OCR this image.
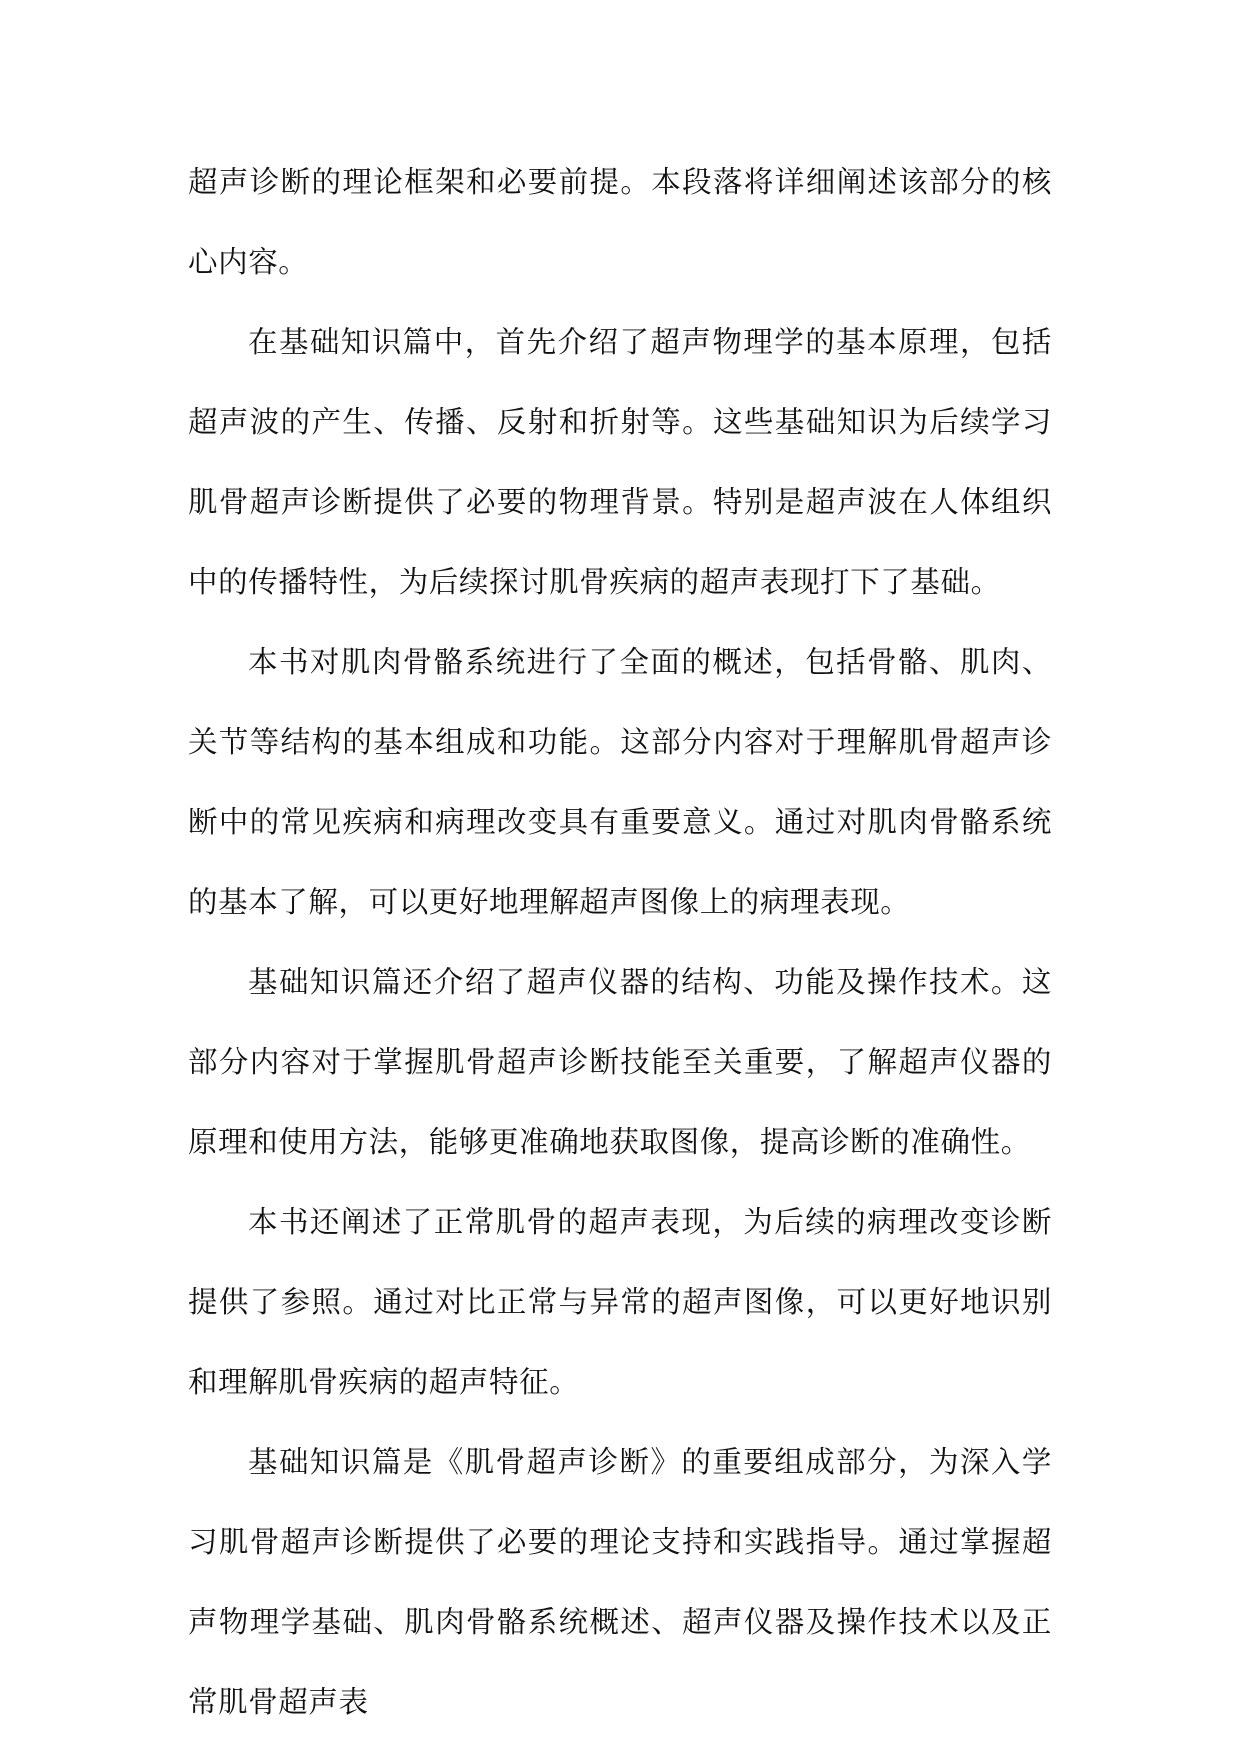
超声诊断的理论框架和必要前提。本段落将详细阐述该部分的核心内容。

在基础知识篇中，首先介绍了超声物理学的基本原理，包括超声波的产生、传播、反射和折射等。这些基础知识为后续学习肌骨超声诊断提供了必要的物理背景。特别是超声波在人体组织中的传播特性，为后续探讨肌骨疾病的超声表现打下了基础。

本书对肌肉骨骼系统进行了全面的概述，包括骨骼、肌肉、关节等结构的基本组成和功能。这部分内容对于理解肌骨超声诊断中的常见疾病和病理改变具有重要意义。通过对肌肉骨骼系统的基本了解，可以更好地理解超声图像上的病理表现。

基础知识篇还介绍了超声仪器的结构、功能及操作技术。这部分内容对于掌握肌骨超声诊断技能至关重要，了解超声仪器的原理和使用方法，能够更准确地获取图像，提高诊断的准确性。

本书还阐述了正常肌骨的超声表现，为后续的病理改变诊断提供了参照。通过对比正常与异常的超声图像，可以更好地识别和理解肌骨疾病的超声特征。

基础知识篇是《肌骨超声诊断》的重要组成部分，为深入学习肌骨超声诊断提供了必要的理论支持和实践指导。通过掌握超声物理学基础、肌肉骨骼系统概述、超声仪器及操作技术以及正常肌骨超声表
